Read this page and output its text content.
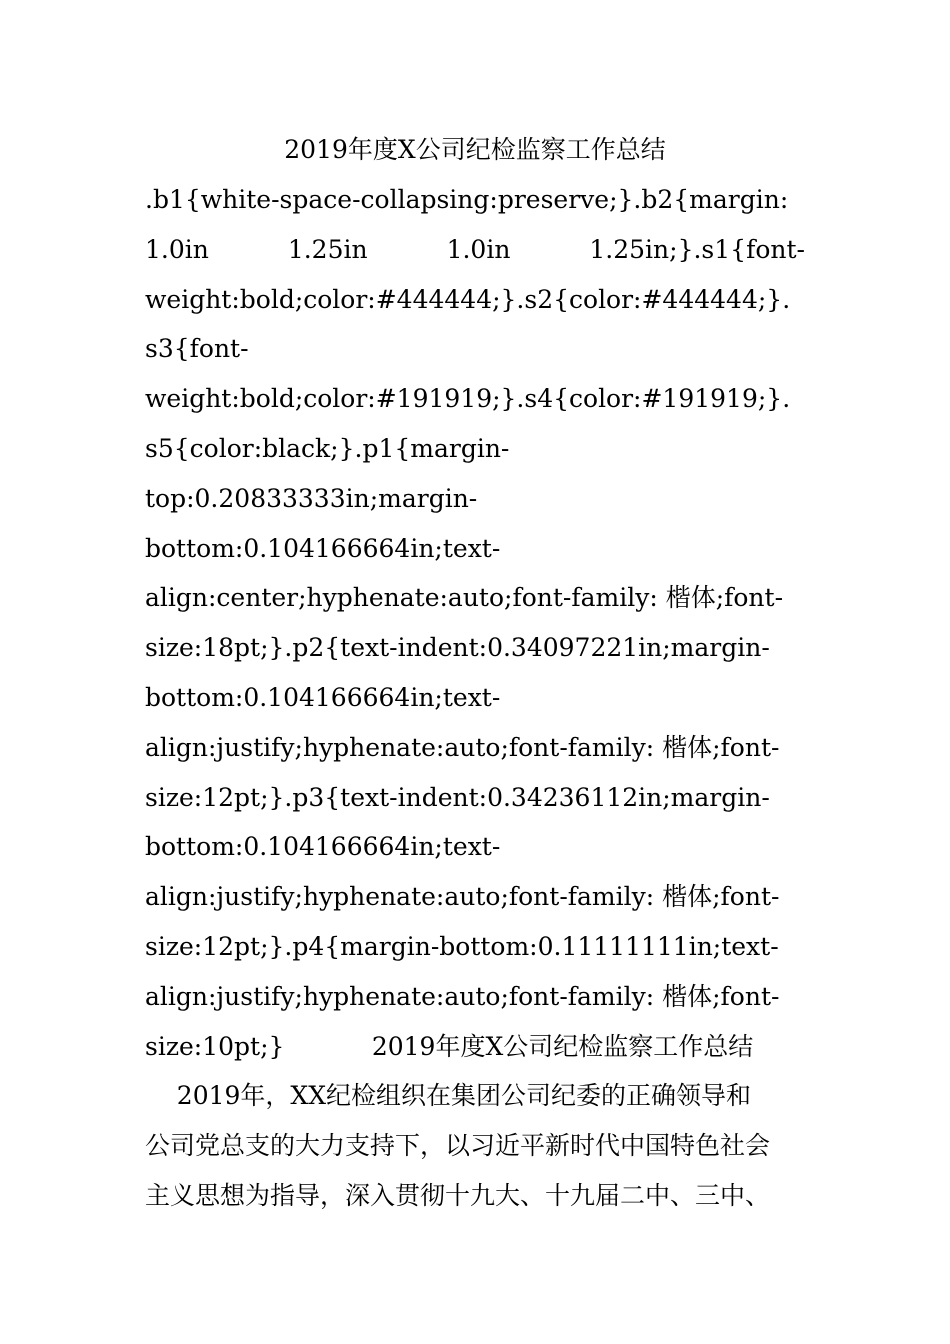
2019年度X公司纪检监察工作总结
.b1{white-space-collapsing:preserve;}.b2{margin:
1.0in	1.25in	1.0in	1.25in;}.s1{font-
weight:bold;color:#444444;}.s2{color:#444444;}.
s3{font-
weight:bold;color:#191919;}.s4{color:#191919;}.
s5{color:black;}.p1{margin-
top:0.20833333in;margin-
bottom:0.104166664in;text-
align:center;hyphenate:auto;font-family: 楷体;font-
size:18pt;}.p2{text-indent:0.34097221in;margin-
bottom:0.104166664in;text-
align:justify;hyphenate:auto;font-family: 楷体;font-
size:12pt;}.p3{text-indent:0.34236112in;margin-
bottom:0.104166664in;text-
align:justify;hyphenate:auto;font-family: 楷体;font-
size:12pt;}.p4{margin-bottom:0.11111111in;text-
align:justify;hyphenate:auto;font-family: 楷体;font-
size:10pt;}           2019年度X公司纪检监察工作总结
2019年，XX纪检组织在集团公司纪委的正确领导和
公司党总支的大力支持下，以习近平新时代中国特色社会
主义思想为指导，深入贯彻十九大、十九届二中、三中、
